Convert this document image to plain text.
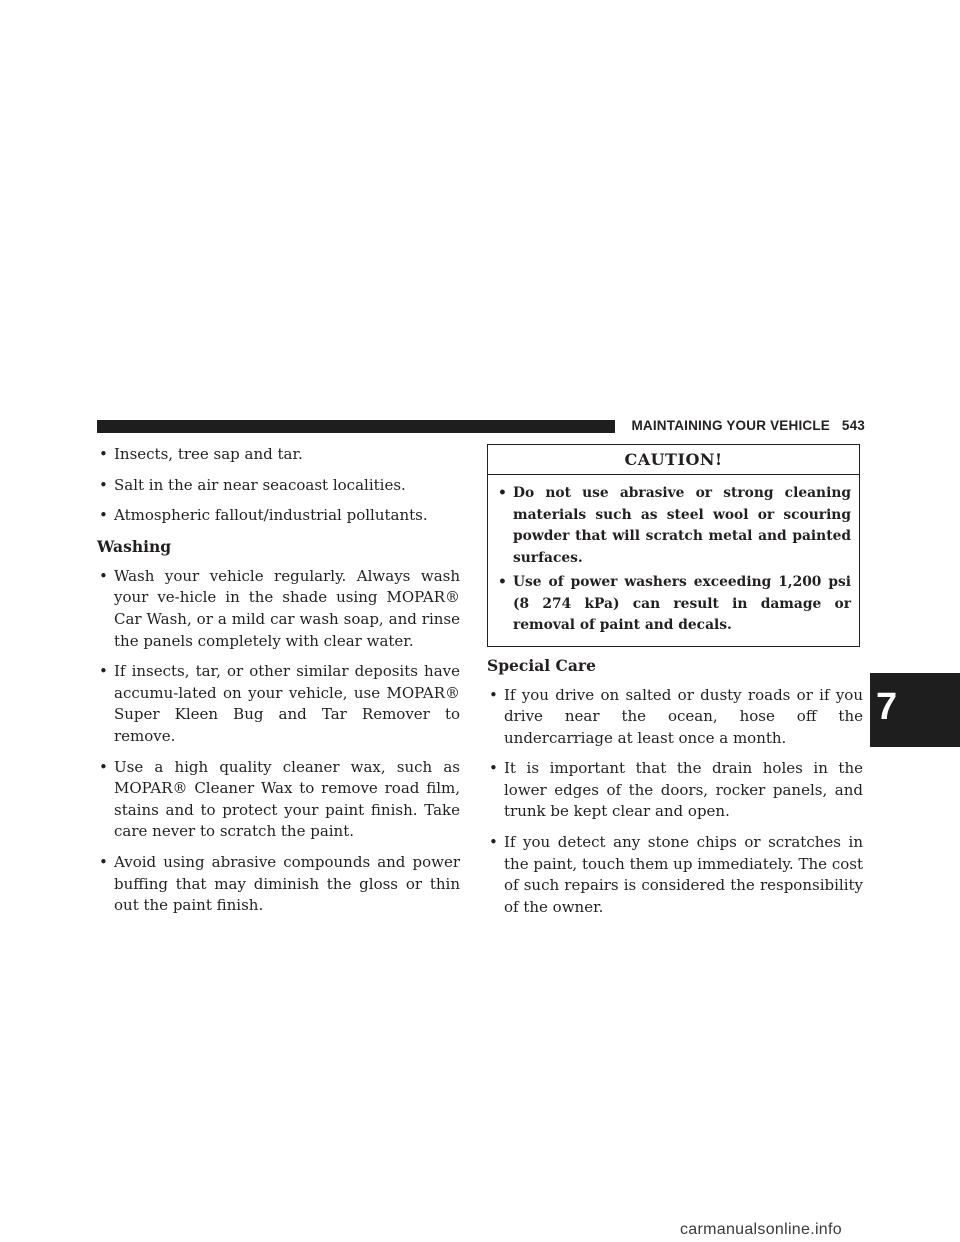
MAINTAINING YOUR VEHICLE 543
• Insects, tree sap and tar.
• Salt in the air near seacoast localities.
• Atmospheric fallout/industrial pollutants.
Washing
• Wash your vehicle regularly. Always wash your ve-hicle in the shade using MOPAR® Car Wash, or a mild car wash soap, and rinse the panels completely with clear water.
• If insects, tar, or other similar deposits have accumu-lated on your vehicle, use MOPAR® Super Kleen Bug and Tar Remover to remove.
• Use a high quality cleaner wax, such as MOPAR® Cleaner Wax to remove road film, stains and to protect your paint finish. Take care never to scratch the paint.
• Avoid using abrasive compounds and power buffing that may diminish the gloss or thin out the paint finish.
CAUTION!
• Do not use abrasive or strong cleaning materials such as steel wool or scouring powder that will scratch metal and painted surfaces.
• Use of power washers exceeding 1,200 psi (8 274 kPa) can result in damage or removal of paint and decals.
Special Care
• If you drive on salted or dusty roads or if you drive near the ocean, hose off the undercarriage at least once a month.
• It is important that the drain holes in the lower edges of the doors, rocker panels, and trunk be kept clear and open.
• If you detect any stone chips or scratches in the paint, touch them up immediately. The cost of such repairs is considered the responsibility of the owner.
7
carmanualsonline.info
